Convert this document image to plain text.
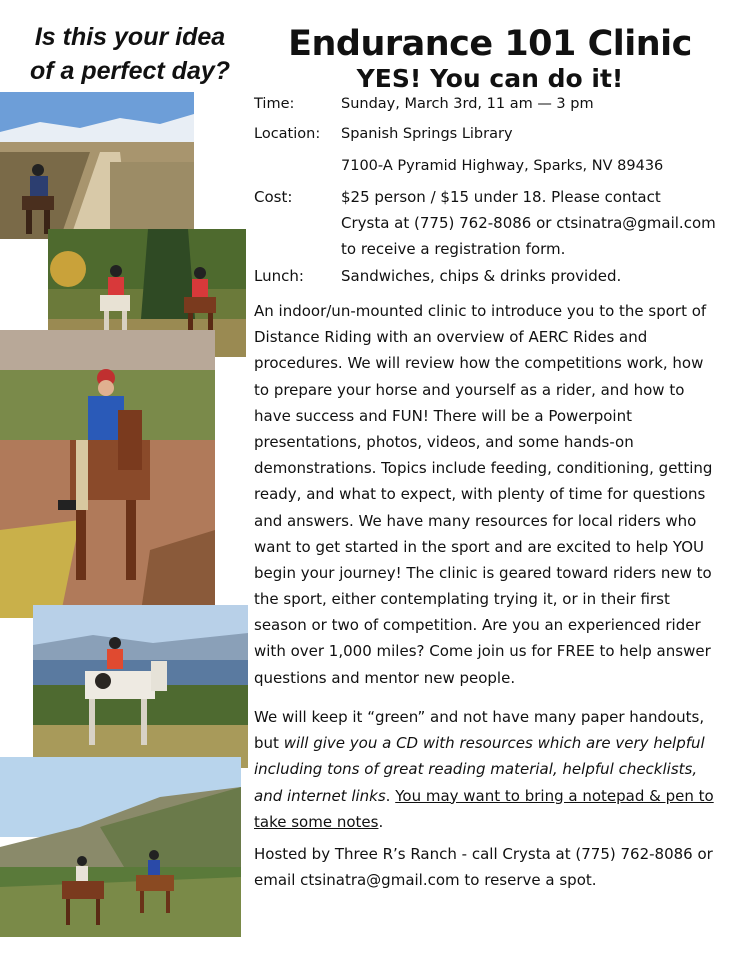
Is this your idea
of a perfect day?
Endurance 101 Clinic
YES! You can do it!
Time:	Sunday, March 3rd, 11 am — 3 pm
Location: Spanish Springs Library
7100-A Pyramid Highway, Sparks, NV 89436
Cost:	$25 person / $15 under 18. Please contact
Crysta at (775) 762-8086 or ctsinatra@gmail.com
to receive a registration form.
Lunch: Sandwiches, chips & drinks provided.
An indoor/un-mounted clinic to introduce you to the sport of
Distance Riding with an overview of AERC Rides and
procedures. We will review how the competitions work, how
to prepare your horse and yourself as a rider, and how to
have success and FUN! There will be a Powerpoint
presentations, photos, videos, and some hands-on
demonstrations. Topics include feeding, conditioning, getting
ready, and what to expect, with plenty of time for questions
and answers. We have many resources for local riders who
want to get started in the sport and are excited to help YOU
begin your journey! The clinic is geared toward riders new to
the sport, either contemplating trying it, or in their first
season or two of competition. Are you an experienced rider
with over 1,000 miles? Come join us for FREE to help answer
questions and mentor new people.
We will keep it “green” and not have many paper handouts,
but will give you a CD with resources which are very helpful
including tons of great reading material, helpful checklists,
and internet links. You may want to bring a notepad & pen to
take some notes.
Hosted by Three R’s Ranch - call Crysta at (775) 762-8086 or
email ctsinatra@gmail.com to reserve a spot.
